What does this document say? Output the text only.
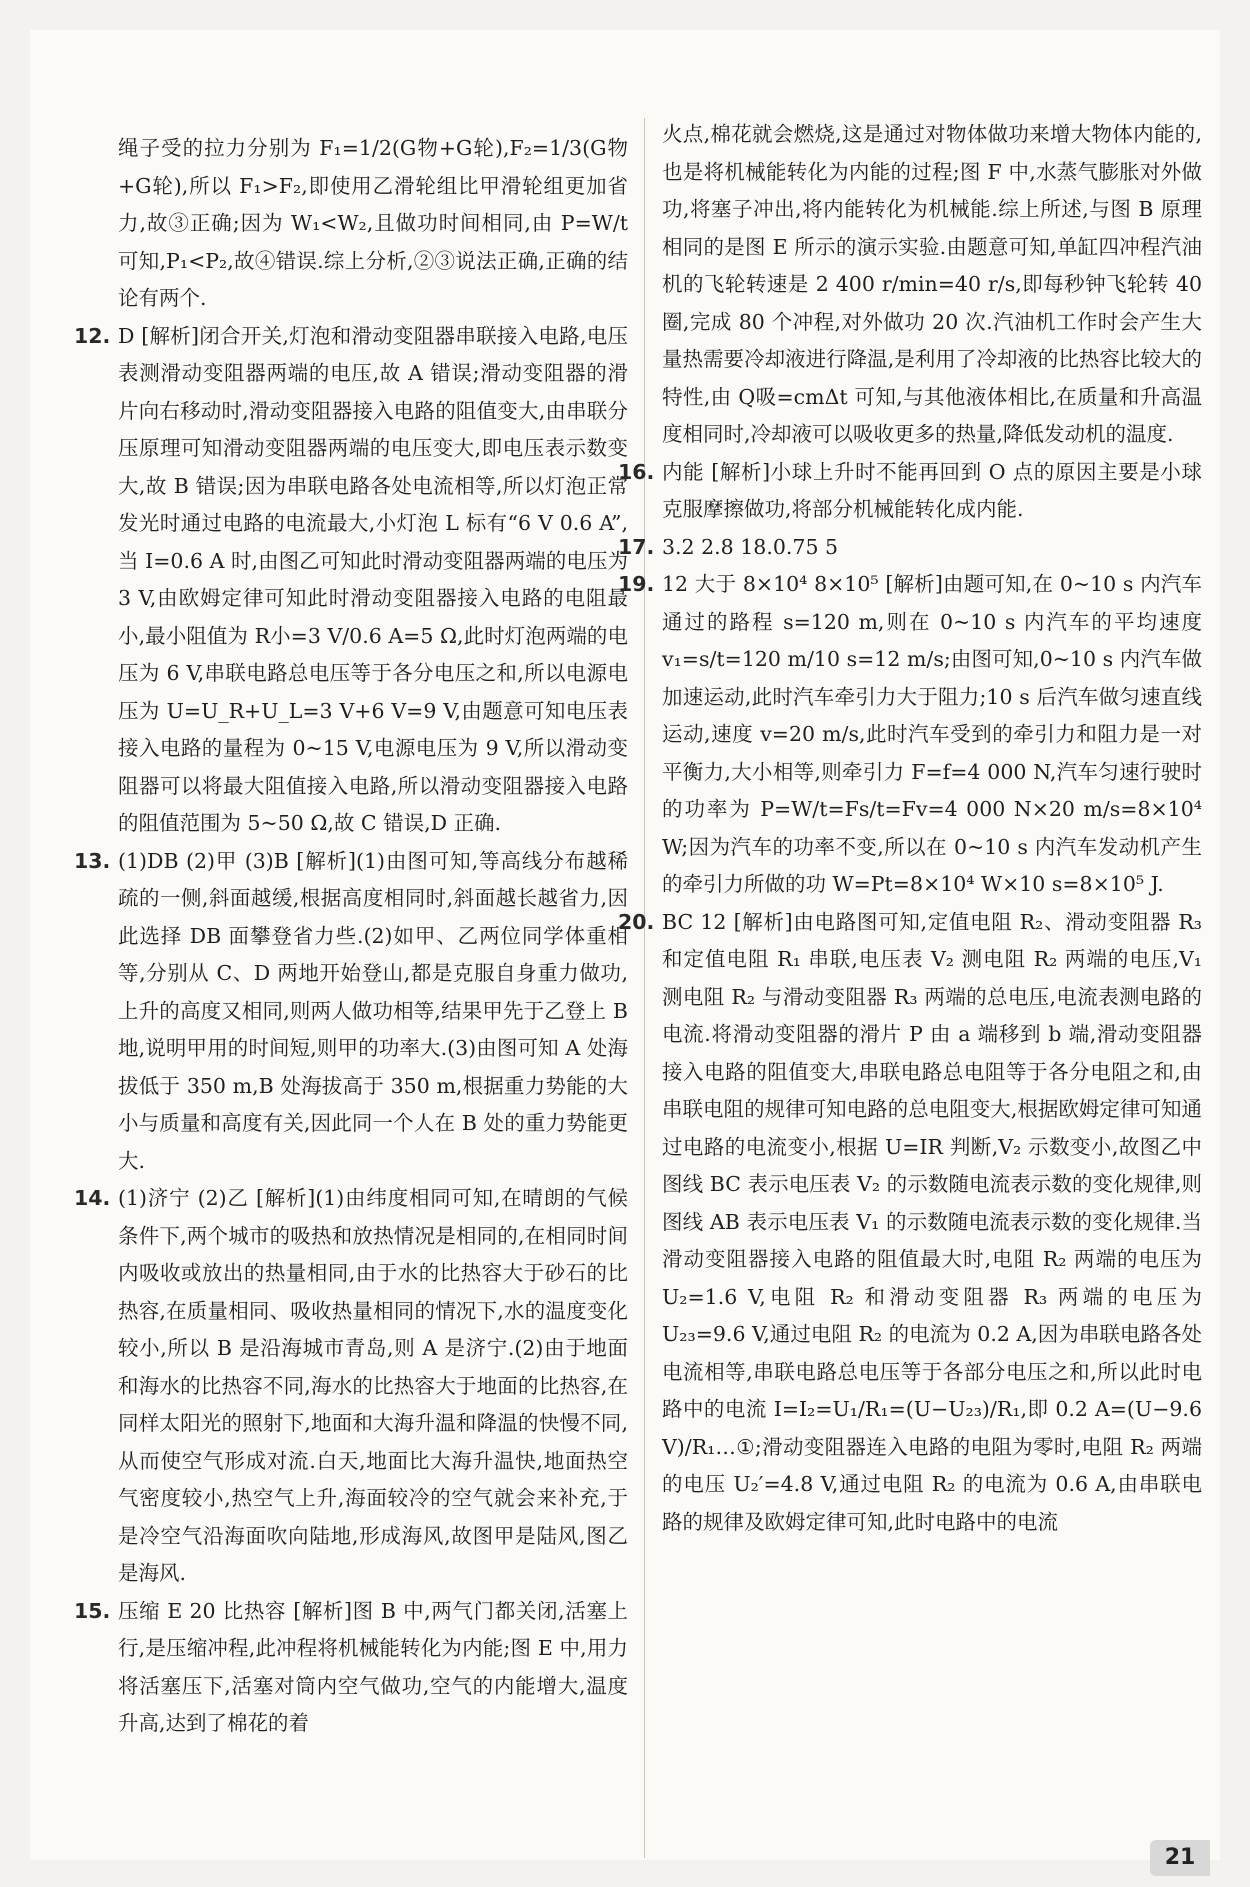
绳子受的拉力分别为 F₁=1/2(G物+G轮),F₂=1/3(G物+G轮),所以 F₁>F₂,即使用乙滑轮组比甲滑轮组更加省力,故③正确;因为 W₁<W₂,且做功时间相同,由 P=W/t 可知,P₁<P₂,故④错误.综上分析,②③说法正确,正确的结论有两个.

12. D [解析]闭合开关,灯泡和滑动变阻器串联接入电路,电压表测滑动变阻器两端的电压,故 A 错误;滑动变阻器的滑片向右移动时,滑动变阻器接入电路的阻值变大,由串联分压原理可知滑动变阻器两端的电压变大,即电压表示数变大,故 B 错误;因为串联电路各处电流相等,所以灯泡正常发光时通过电路的电流最大,小灯泡 L 标有“6 V 0.6 A”,当 I=0.6 A 时,由图乙可知此时滑动变阻器两端的电压为 3 V,由欧姆定律可知此时滑动变阻器接入电路的电阻最小,最小阻值为 R小=3 V/0.6 A=5 Ω,此时灯泡两端的电压为 6 V,串联电路总电压等于各分电压之和,所以电源电压为 U=U_R+U_L=3 V+6 V=9 V,由题意可知电压表接入电路的量程为 0~15 V,电源电压为 9 V,所以滑动变阻器可以将最大阻值接入电路,所以滑动变阻器接入电路的阻值范围为 5~50 Ω,故 C 错误,D 正确.

13. (1)DB (2)甲 (3)B [解析](1)由图可知,等高线分布越稀疏的一侧,斜面越缓,根据高度相同时,斜面越长越省力,因此选择 DB 面攀登省力些.(2)如甲、乙两位同学体重相等,分别从 C、D 两地开始登山,都是克服自身重力做功,上升的高度又相同,则两人做功相等,结果甲先于乙登上 B 地,说明甲用的时间短,则甲的功率大.(3)由图可知 A 处海拔低于 350 m,B 处海拔高于 350 m,根据重力势能的大小与质量和高度有关,因此同一个人在 B 处的重力势能更大.

14. (1)济宁 (2)乙 [解析](1)由纬度相同可知,在晴朗的气候条件下,两个城市的吸热和放热情况是相同的,在相同时间内吸收或放出的热量相同,由于水的比热容大于砂石的比热容,在质量相同、吸收热量相同的情况下,水的温度变化较小,所以 B 是沿海城市青岛,则 A 是济宁.(2)由于地面和海水的比热容不同,海水的比热容大于地面的比热容,在同样太阳光的照射下,地面和大海升温和降温的快慢不同,从而使空气形成对流.白天,地面比大海升温快,地面热空气密度较小,热空气上升,海面较冷的空气就会来补充,于是冷空气沿海面吹向陆地,形成海风,故图甲是陆风,图乙是海风.

15. 压缩 E 20 比热容 [解析]图 B 中,两气门都关闭,活塞上行,是压缩冲程,此冲程将机械能转化为内能;图 E 中,用力将活塞压下,活塞对筒内空气做功,空气的内能增大,温度升高,达到了棉花的着

火点,棉花就会燃烧,这是通过对物体做功来增大物体内能的,也是将机械能转化为内能的过程;图 F 中,水蒸气膨胀对外做功,将塞子冲出,将内能转化为机械能.综上所述,与图 B 原理相同的是图 E 所示的演示实验.由题意可知,单缸四冲程汽油机的飞轮转速是 2 400 r/min=40 r/s,即每秒钟飞轮转 40 圈,完成 80 个冲程,对外做功 20 次.汽油机工作时会产生大量热需要冷却液进行降温,是利用了冷却液的比热容比较大的特性,由 Q吸=cmΔt 可知,与其他液体相比,在质量和升高温度相同时,冷却液可以吸收更多的热量,降低发动机的温度.

16. 内能 [解析]小球上升时不能再回到 O 点的原因主要是小球克服摩擦做功,将部分机械能转化成内能.

17. 3.2 2.8 18.0.75 5

19. 12 大于 8×10⁴ 8×10⁵ [解析]由题可知,在 0~10 s 内汽车通过的路程 s=120 m,则在 0~10 s 内汽车的平均速度 v₁=s/t=120 m/10 s=12 m/s;由图可知,0~10 s 内汽车做加速运动,此时汽车牵引力大于阻力;10 s 后汽车做匀速直线运动,速度 v=20 m/s,此时汽车受到的牵引力和阻力是一对平衡力,大小相等,则牵引力 F=f=4 000 N,汽车匀速行驶时的功率为 P=W/t=Fs/t=Fv=4 000 N×20 m/s=8×10⁴ W;因为汽车的功率不变,所以在 0~10 s 内汽车发动机产生的牵引力所做的功 W=Pt=8×10⁴ W×10 s=8×10⁵ J.

20. BC 12 [解析]由电路图可知,定值电阻 R₂、滑动变阻器 R₃ 和定值电阻 R₁ 串联,电压表 V₂ 测电阻 R₂ 两端的电压,V₁ 测电阻 R₂ 与滑动变阻器 R₃ 两端的总电压,电流表测电路的电流.将滑动变阻器的滑片 P 由 a 端移到 b 端,滑动变阻器接入电路的阻值变大,串联电路总电阻等于各分电阻之和,由串联电阻的规律可知电路的总电阻变大,根据欧姆定律可知通过电路的电流变小,根据 U=IR 判断,V₂ 示数变小,故图乙中图线 BC 表示电压表 V₂ 的示数随电流表示数的变化规律,则图线 AB 表示电压表 V₁ 的示数随电流表示数的变化规律.当滑动变阻器接入电路的阻值最大时,电阻 R₂ 两端的电压为 U₂=1.6 V,电阻 R₂ 和滑动变阻器 R₃ 两端的电压为 U₂₃=9.6 V,通过电阻 R₂ 的电流为 0.2 A,因为串联电路各处电流相等,串联电路总电压等于各部分电压之和,所以此时电路中的电流 I=I₂=U₁/R₁=(U−U₂₃)/R₁,即 0.2 A=(U−9.6 V)/R₁…①;滑动变阻器连入电路的电阻为零时,电阻 R₂ 两端的电压 U₂′=4.8 V,通过电阻 R₂ 的电流为 0.6 A,由串联电路的规律及欧姆定律可知,此时电路中的电流

21
